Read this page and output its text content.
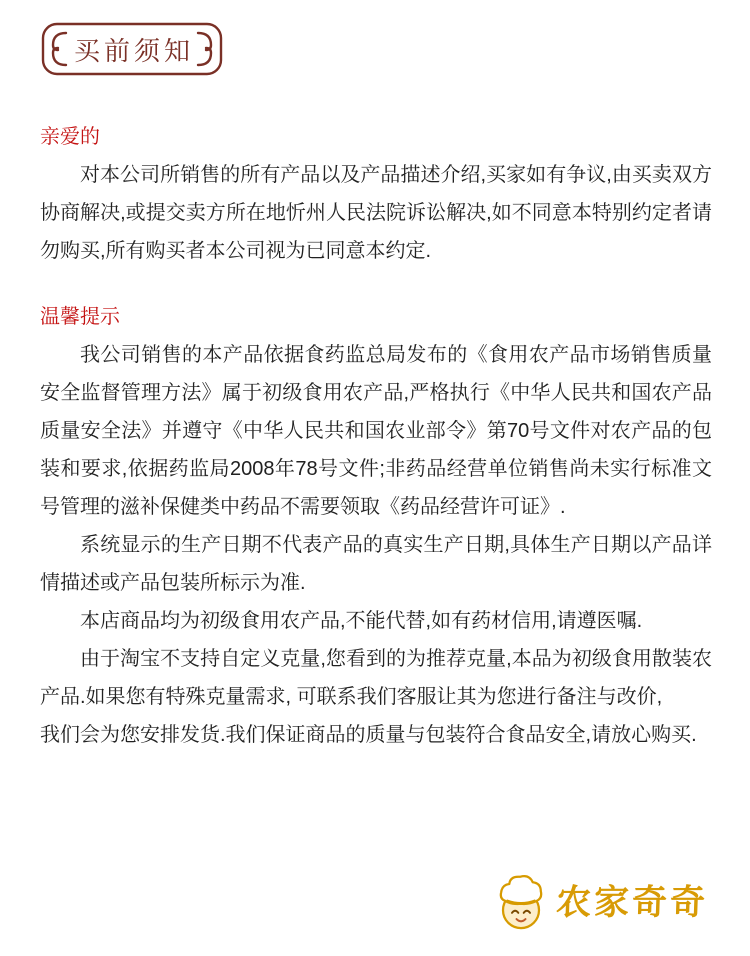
买前须知
亲爱的

对本公司所销售的所有产品以及产品描述介绍,买家如有争议,由买卖双方协商解决,或提交卖方所在地忻州人民法院诉讼解决,如不同意本特别约定者请勿购买,所有购买者本公司视为已同意本约定.

温馨提示

我公司销售的本产品依据食药监总局发布的《食用农产品市场销售质量安全监督管理方法》属于初级食用农产品,严格执行《中华人民共和国农产品质量安全法》并遵守《中华人民共和国农业部令》第70号文件对农产品的包装和要求,依据药监局2008年78号文件;非药品经营单位销售尚未实行标准文号管理的滋补保健类中药品不需要领取《药品经营许可证》.

系统显示的生产日期不代表产品的真实生产日期,具体生产日期以产品详情描述或产品包装所标示为准.

本店商品均为初级食用农产品,不能代替,如有药材信用,请遵医嘱.

由于淘宝不支持自定义克量,您看到的为推荐克量,本品为初级食用散装农产品.如果您有特殊克量需求, 可联系我们客服让其为您进行备注与改价,

我们会为您安排发货.我们保证商品的质量与包装符合食品安全,请放心购买.

农家奇奇
